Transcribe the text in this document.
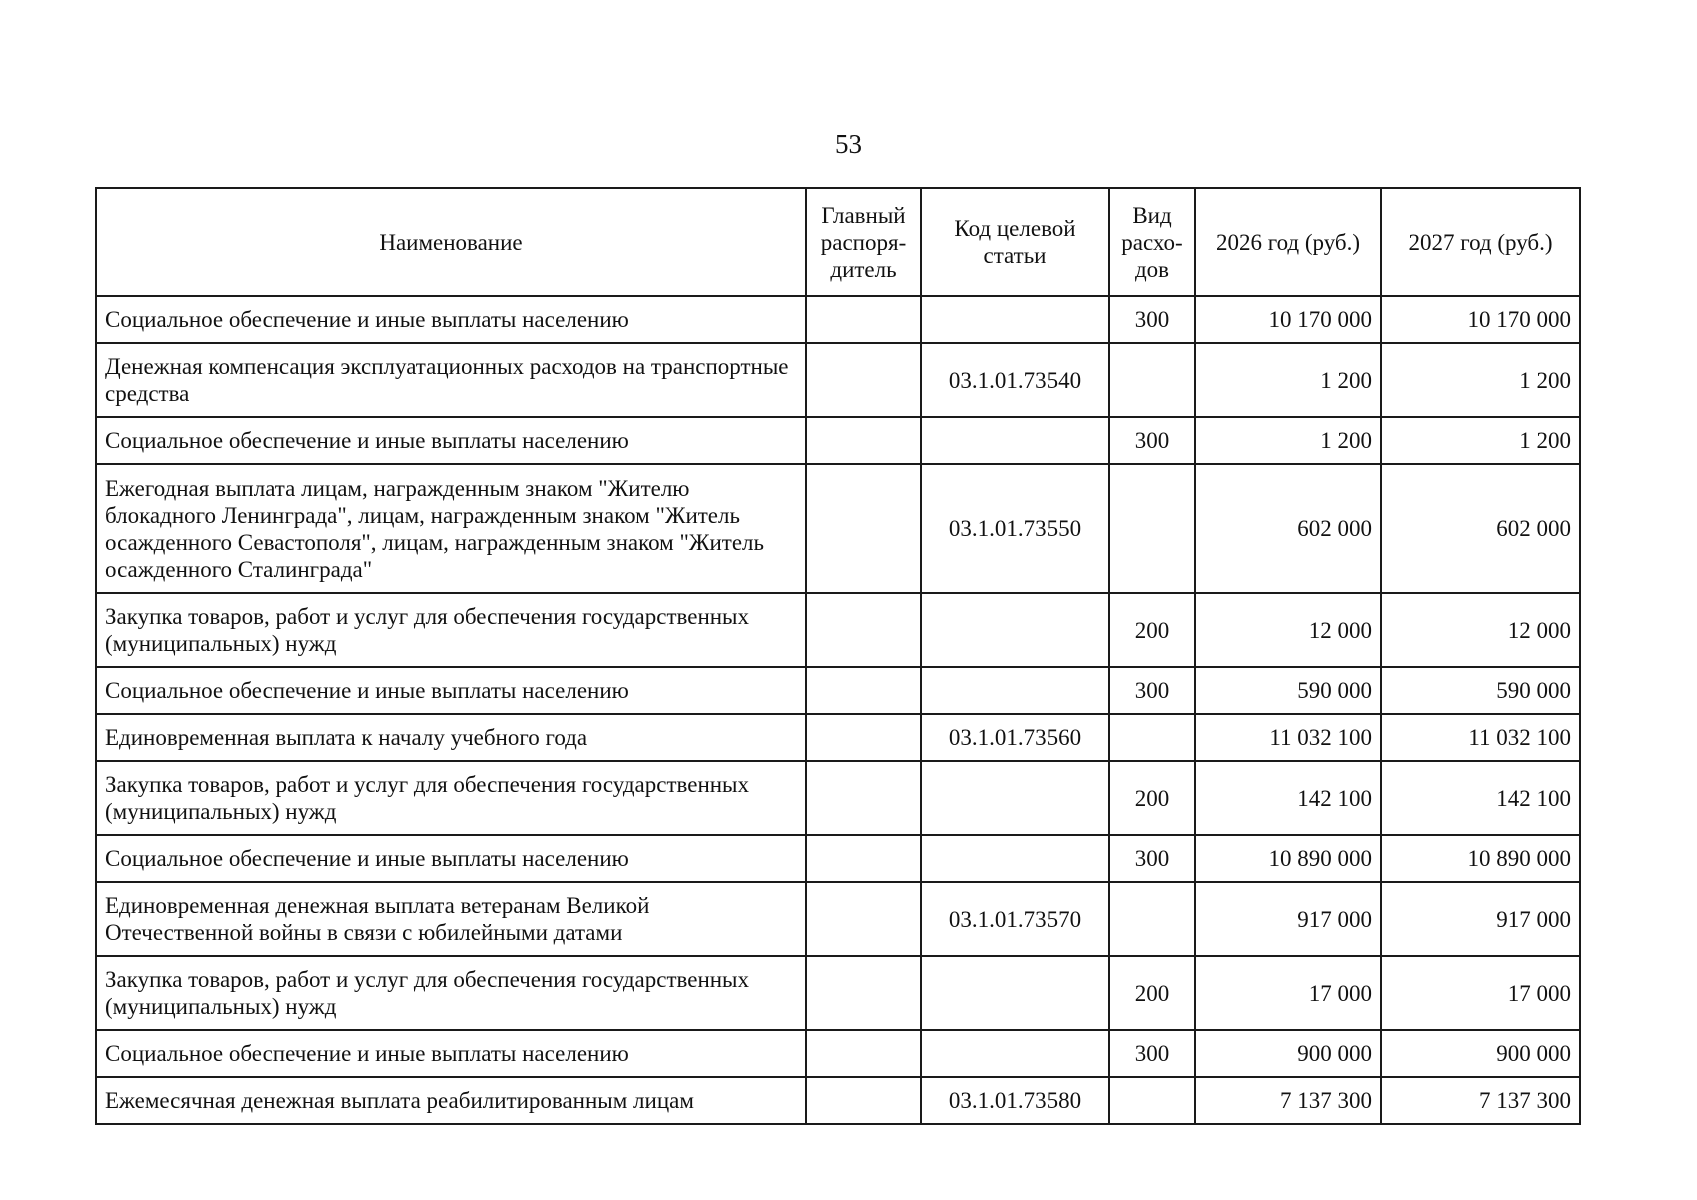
53
Наименование	Главный распоря-дитель	Код целевой статьи	Вид расхо-дов	2026 год (руб.)	2027 год (руб.)
Социальное обеспечение и иные выплаты населению			300	10 170 000	10 170 000
Денежная компенсация эксплуатационных расходов на транспортные средства		03.1.01.73540		1 200	1 200
Социальное обеспечение и иные выплаты населению			300	1 200	1 200
Ежегодная выплата лицам, награжденным знаком "Жителю блокадного Ленинграда", лицам, награжденным знаком "Житель осажденного Севастополя", лицам, награжденным знаком "Житель осажденного Сталинграда"		03.1.01.73550		602 000	602 000
Закупка товаров, работ и услуг для обеспечения государственных (муниципальных) нужд			200	12 000	12 000
Социальное обеспечение и иные выплаты населению			300	590 000	590 000
Единовременная выплата к началу учебного года		03.1.01.73560		11 032 100	11 032 100
Закупка товаров, работ и услуг для обеспечения государственных (муниципальных) нужд			200	142 100	142 100
Социальное обеспечение и иные выплаты населению			300	10 890 000	10 890 000
Единовременная денежная выплата ветеранам Великой Отечественной войны в связи с юбилейными датами		03.1.01.73570		917 000	917 000
Закупка товаров, работ и услуг для обеспечения государственных (муниципальных) нужд			200	17 000	17 000
Социальное обеспечение и иные выплаты населению			300	900 000	900 000
Ежемесячная денежная выплата реабилитированным лицам		03.1.01.73580		7 137 300	7 137 300
